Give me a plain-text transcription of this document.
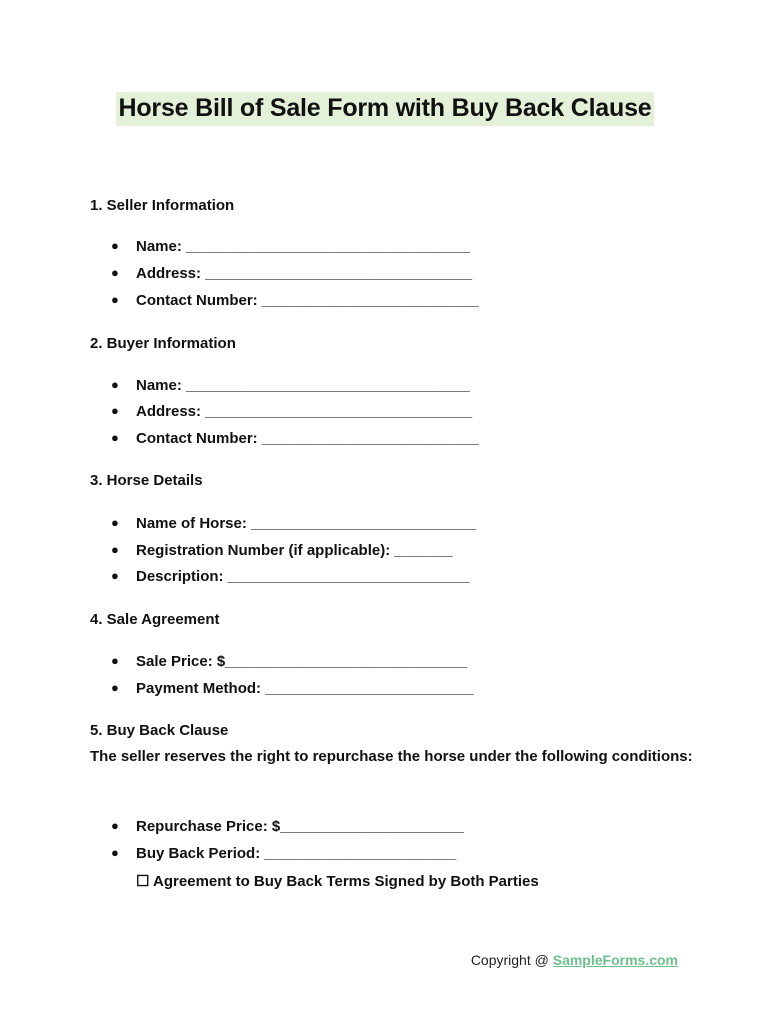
Horse Bill of Sale Form with Buy Back Clause
1. Seller Information
● Name: __________________________________
● Address: ________________________________
● Contact Number: __________________________
2. Buyer Information
● Name: __________________________________
● Address: ________________________________
● Contact Number: __________________________
3. Horse Details
● Name of Horse: ___________________________
● Registration Number (if applicable): _______
● Description: _____________________________
4. Sale Agreement
● Sale Price: $_____________________________
● Payment Method: _________________________
5. Buy Back Clause
The seller reserves the right to repurchase the horse under the following conditions:
● Repurchase Price: $______________________
● Buy Back Period: _______________________
☐ Agreement to Buy Back Terms Signed by Both Parties
Copyright @ SampleForms.com
